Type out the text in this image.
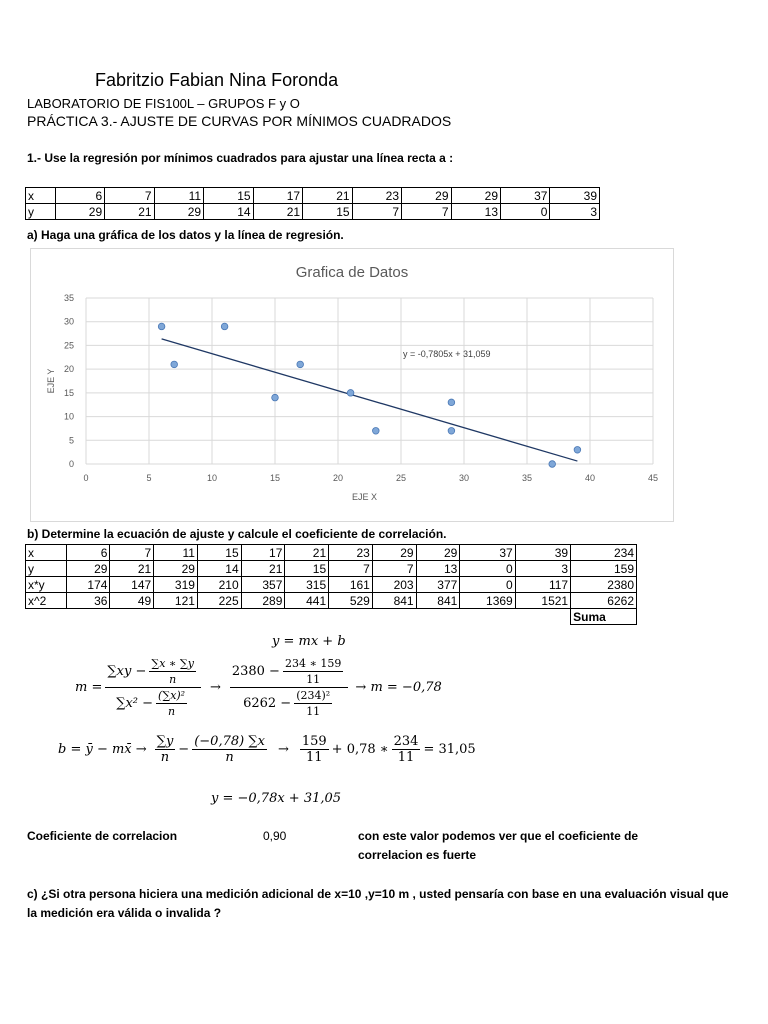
Fabritzio Fabian Nina Foronda
LABORATORIO DE FIS100L – GRUPOS F y O
PRÁCTICA 3.- AJUSTE DE CURVAS POR MÍNIMOS CUADRADOS
1.- Use la regresión por mínimos cuadrados para ajustar una línea recta a :
x	6	7	11	15	17	21	23	29	29	37	39
y	29	21	29	14	21	15	7	7	13	0	3
a) Haga una gráfica de los datos y la línea de regresión.
Grafica de Datos
0
5
10
15
20
25
30
35
0	5	10	15	20	25	30	35	40	45
EJE X
EJE Y
y = -0,7805x + 31,059
b) Determine la ecuación de ajuste y calcule el coeficiente de correlación.
x	6	7	11	15	17	21	23	29	29	37	39	234
y	29	21	29	14	21	15	7	7	13	0	3	159
x*y	174	147	319	210	357	315	161	203	377	0	117	2380
x^2	36	49	121	225	289	441	529	841	841	1369	1521	6262
												Suma
y = mx + b
$m = \frac{\sum xy - \frac{\sum x ∗ \sum y}{n}}{\sum x^2 - \frac{\text{(∑x)²}}{n}} \to \frac{2380 - \frac{234 ∗ 159}{11}}{6262 - \frac{\text{(234)²}}{11}} \to m = -0,78$
b = ȳ − mx̄ → $\frac{\sum y}{n} - \frac{(-0,78) \sum x}{n} \to \frac{159}{11} + 0,78$ ∗ $\frac{234}{11} = 31,05$
y = −0,78x + 31,05
Coeficiente de correlacion	0,90	con este valor podemos ver que el coeficiente de
correlacion es fuerte
c) ¿Si otra persona hiciera una medición adicional de x=10 ,y=10 m , usted pensaría con base en una evaluación visual que
la medición era válida o invalida ?
